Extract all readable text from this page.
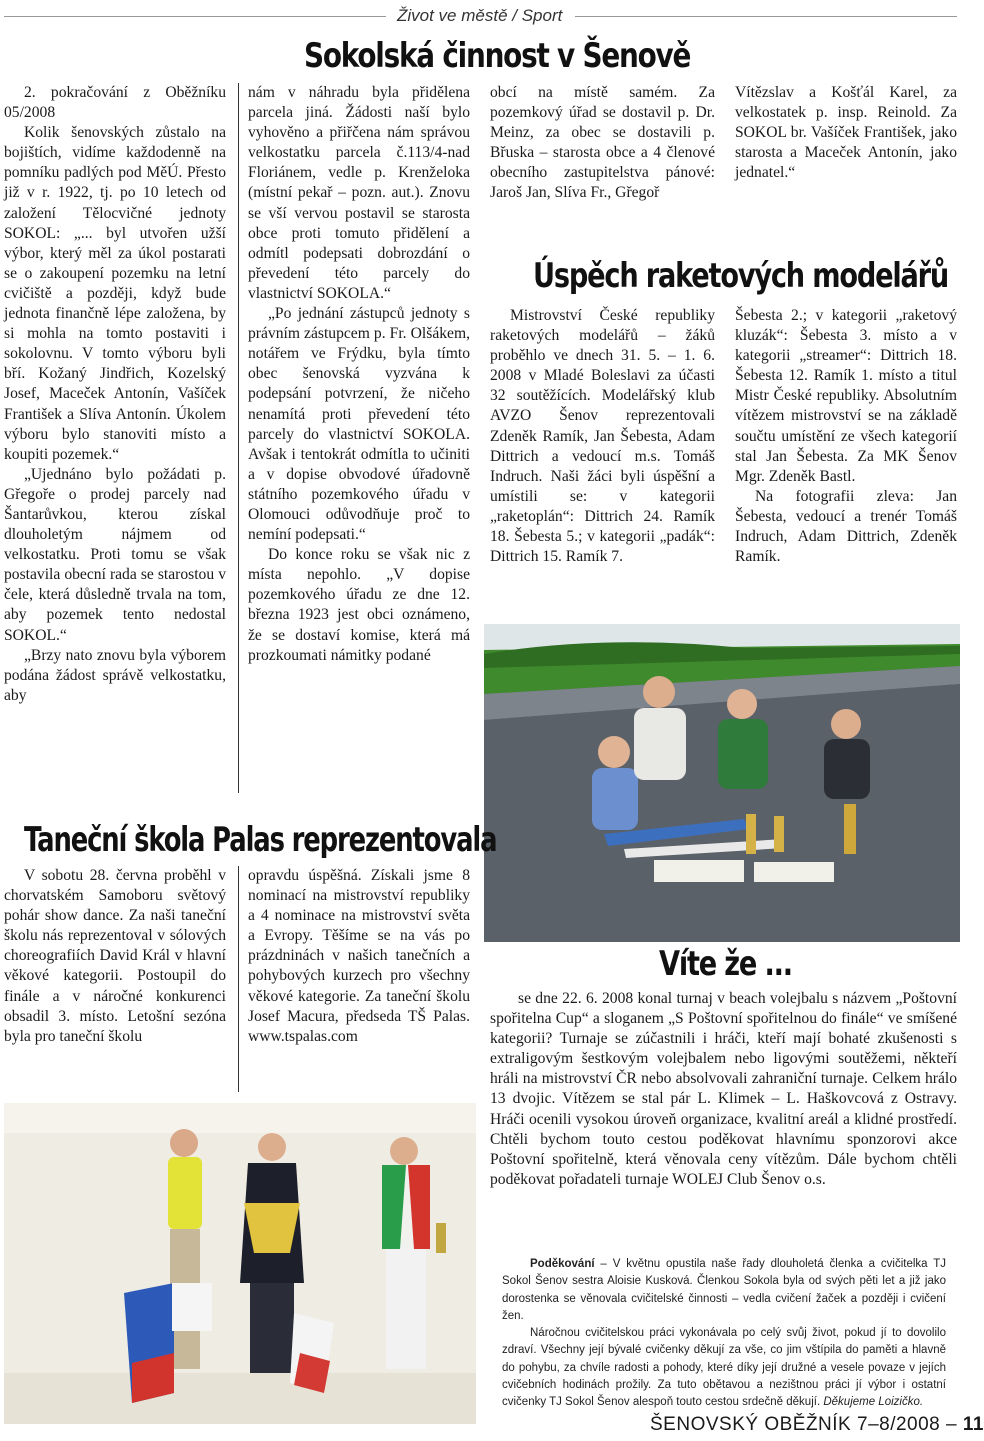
Život ve městě / Sport
Sokolská činnost v Šenově

2. pokračování z Oběžníku 05/2008

Kolik šenovských zůstalo na bojištích, vidíme každodenně na pomníku padlých pod MěÚ. Přesto již v r. 1922, tj. po 10 letech od založení Tělocvičné jednoty SOKOL: „... byl utvořen užší výbor, který měl za úkol postarati se o zakoupení pozemku na letní cvičiště a později, když bude jednota finančně lépe založena, by si mohla na tomto postaviti i sokolovnu. V tomto výboru byli bří. Kožaný Jindřich, Kozelský Josef, Maceček Antonín, Vašíček František a Slíva Antonín. Úkolem výboru bylo stanoviti místo a koupiti pozemek.“

„Ujednáno bylo požádati p. Gřegoře o prodej parcely nad Šantarůvkou, kterou získal dlouholetým nájmem od velkostatku. Proti tomu se však postavila obecní rada se starostou v čele, která důsledně trvala na tom, aby pozemek tento nedostal SOKOL.“

„Brzy nato znovu byla výborem podána žádost správě velkostatku, aby

nám v náhradu byla přidělena parcela jiná. Žádosti naší bylo vyhověno a přiřčena nám správou velkostatku parcela č.113/4-nad Floriánem, vedle p. Krenželoka (místní pekař – pozn. aut.). Znovu se vší vervou postavil se starosta obce proti tomuto přidělení a odmítl podepsati dobrozdání o převedení této parcely do vlastnictví SOKOLA.“

„Po jednání zástupců jednoty s právním zástupcem p. Fr. Olšákem, notářem ve Frýdku, byla tímto obec šenovská vyzvána k podepsání potvrzení, že ničeho nenamítá proti převedení této parcely do vlastnictví SOKOLA. Avšak i tentokrát odmítla to učiniti a v dopise obvodové úřadovně státního pozemkového úřadu v Olomouci odůvodňuje proč to nemíní podepsati.“

Do konce roku se však nic z místa nepohlo. „V dopise pozemkového úřadu ze dne 12. března 1923 jest obci oznámeno, že se dostaví komise, která má prozkoumati námitky podané

obcí na místě samém. Za pozemkový úřad se dostavil p. Dr. Meinz, za obec se dostavili p. Břuska – starosta obce a 4 členové obecního zastupitelstva pánové: Jaroš Jan, Slíva Fr., Gřegoř

Vítězslav a Košťál Karel, za velkostatek p. insp. Reinold. Za SOKOL br. Vašíček František, jako starosta a Maceček Antonín, jako jednatel.“

Úspěch raketových modelářů

Mistrovství České republiky raketových modelářů – žáků proběhlo ve dnech 31. 5. – 1. 6. 2008 v Mladé Boleslavi za účasti 32 soutěžících. Modelářský klub AVZO Šenov reprezentovali Zdeněk Ramík, Jan Šebesta, Adam Dittrich a vedoucí m.s. Tomáš Indruch. Naši žáci byli úspěšní a umístili se: v kategorii „raketoplán“: Dittrich 24. Ramík 18. Šebesta 5.; v kategorii „padák“: Dittrich 15. Ramík 7.

Šebesta 2.; v kategorii „raketový kluzák“: Šebesta 3. místo a v kategorii „streamer“: Dittrich 18. Šebesta 12. Ramík 1. místo a titul Mistr České republiky. Absolutním vítězem mistrovství se na základě součtu umístění ze všech kategorií stal Jan Šebesta. Za MK Šenov Mgr. Zdeněk Bastl.

Na fotografii zleva: Jan Šebesta, vedoucí a trenér Tomáš Indruch, Adam Dittrich, Zdeněk Ramík.

Taneční škola Palas reprezentovala

V sobotu 28. června proběhl v chorvatském Samoboru světový pohár show dance. Za naši taneční školu nás reprezentoval v sólových choreografiích David Král v hlavní věkové kategorii. Postoupil do finále a v náročné konkurenci obsadil 3. místo. Letošní sezóna byla pro taneční školu

opravdu úspěšná. Získali jsme 8 nominací na mistrovství republiky a 4 nominace na mistrovství světa a Evropy. Těšíme se na vás po prázdninách v našich tanečních a pohybových kurzech pro všechny věkové kategorie. Za taneční školu Josef Macura, předseda TŠ Palas. www.tspalas.com

Víte že ...

se dne 22. 6. 2008 konal turnaj v beach volejbalu s názvem „Poštovní spořitelna Cup“ a sloganem „S Poštovní spořitelnou do finále“ ve smíšené kategorii? Turnaje se zúčastnili i hráči, kteří mají bohaté zkušenosti s extraligovým šestkovým volejbalem nebo ligovými soutěžemi, někteří hráli na mistrovství ČR nebo absolvovali zahraniční turnaje. Celkem hrálo 13 dvojic. Vítězem se stal pár L. Klimek – L. Haškovcová z Ostravy. Hráči ocenili vysokou úroveň organizace, kvalitní areál a klidné prostředí. Chtěli bychom touto cestou poděkovat hlavnímu sponzorovi akce Poštovní spořitelně, která věnovala ceny vítězům. Dále bychom chtěli poděkovat pořadateli turnaje WOLEJ Club Šenov o.s.

Poděkování – V květnu opustila naše řady dlouholetá členka a cvičitelka TJ Sokol Šenov sestra Aloisie Kusková. Členkou Sokola byla od svých pěti let a již jako dorostenka se věnovala cvičitelské činnosti – vedla cvičení žaček a později i cvičení žen.

Náročnou cvičitelskou práci vykonávala po celý svůj život, pokud jí to dovolilo zdraví. Všechny její bývalé cvičenky děkují za vše, co jim vštípila do paměti a hlavně do pohybu, za chvíle radosti a pohody, které díky její družné a vesele povaze v jejích cvičebních hodinách prožily. Za tuto obětavou a nezištnou práci jí výbor i ostatní cvičenky TJ Sokol Šenov alespoň touto cestou srdečně děkují. Děkujeme Loizičko.

ŠENOVSKÝ OBĚŽNÍK 7–8/2008 – 11
